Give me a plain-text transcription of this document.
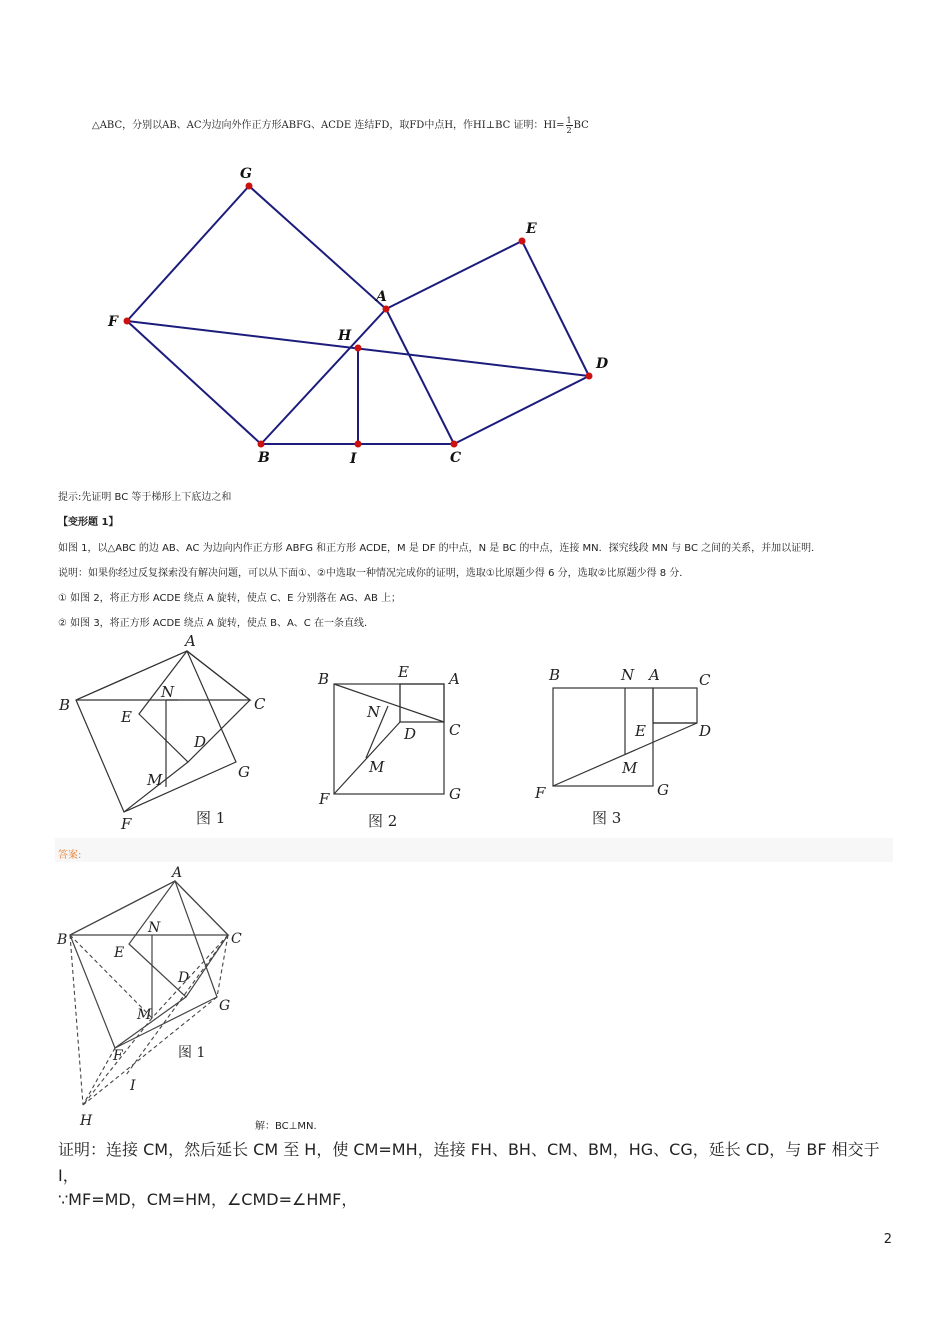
△ABC，分别以AB、AC为边向外作正方形ABFG、ACDE 连结FD，取FD中点H，作HI⊥BC 证明：$HI= \frac{1}{2}$ BC
G
E
A
F
H
D
B	I	C
提示:先证明 BC 等于梯形上下底边之和
【变形题 1】
如图 1，以△ABC 的边 AB、AC 为边向内作正方形 ABFG 和正方形 ACDE，M 是 DF 的中点，N 是 BC 的中点，连接 MN．探究线段 MN 与 BC 之间的关系，并加以证明．
说明：如果你经过反复探索没有解决问题，可以从下面①、②中选取一种情况完成你的证明，选取①比原题少得 6 分，选取②比原题少得 8 分．
① 如图 2，将正方形 ACDE 绕点 A 旋转，使点 C、E 分别落在 AG、AB 上；
② 如图 3，将正方形 ACDE 绕点 A 旋转，使点 B、A、C 在一条直线．
A
B	C
N
E
D
M	G
F	图 1
B	E	A
N
C
D
M
F	G
图 2
B	N A	C
E	D
M
F	G
图 3
答案:
A
B	C
N
E
D
M
G
F
I
H
图 1
解：BC⊥MN.
证明：连接 CM，然后延长 CM 至 H，使 CM=MH，连接 FH、BH、CM、BM，HG、CG，延长 CD，与 BF 相交于 I，
∵MF=MD，CM=HM，∠CMD=∠HMF，
2
